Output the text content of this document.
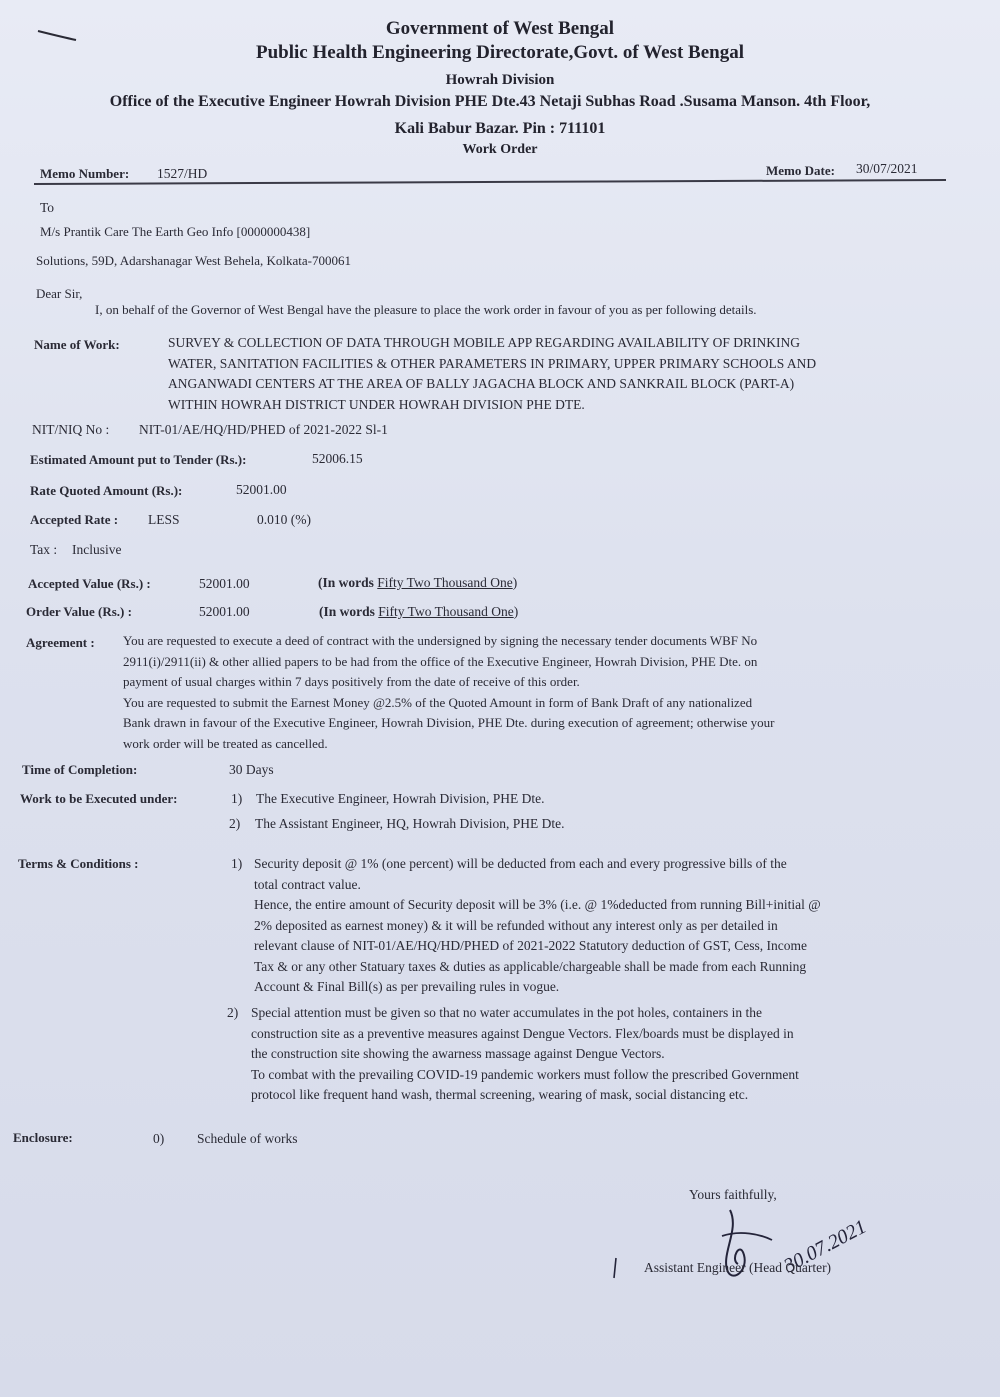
Government of West Bengal
Public Health Engineering Directorate,Govt. of West Bengal
Howrah Division
Office of the Executive Engineer Howrah Division PHE Dte.43 Netaji Subhas Road .Susama Manson. 4th Floor,
Kali Babur Bazar. Pin : 711101
Work Order
Memo Number: 1527/HD	Memo Date: 30/07/2021
To
M/s Prantik Care The Earth Geo Info [0000000438]
Solutions, 59D, Adarshanagar West Behela, Kolkata-700061
Dear Sir,
I, on behalf of the Governor of West Bengal have the pleasure to place the work order in favour of you as per following details.
Name of Work:	SURVEY & COLLECTION OF DATA THROUGH MOBILE APP REGARDING AVAILABILITY OF DRINKING
WATER, SANITATION FACILITIES & OTHER PARAMETERS IN PRIMARY, UPPER PRIMARY SCHOOLS AND
ANGANWADI CENTERS AT THE AREA OF BALLY JAGACHA BLOCK AND SANKRAIL BLOCK (PART-A)
WITHIN HOWRAH DISTRICT UNDER HOWRAH DIVISION PHE DTE.
NIT/NIQ No : NIT-01/AE/HQ/HD/PHED of 2021-2022 Sl-1
Estimated Amount put to Tender (Rs.):	52006.15
Rate Quoted Amount (Rs.):	52001.00
Accepted Rate : LESS	0.010 (%)
Tax : Inclusive
Accepted Value (Rs.) :	52001.00	(In words Fifty Two Thousand One)
Order Value (Rs.) :	52001.00	(In words Fifty Two Thousand One)
Agreement : You are requested to execute a deed of contract with the undersigned by signing the necessary tender documents WBF No
2911(i)/2911(ii) & other allied papers to be had from the office of the Executive Engineer, Howrah Division, PHE Dte. on
payment of usual charges within 7 days positively from the date of receive of this order.
You are requested to submit the Earnest Money @2.5% of the Quoted Amount in form of Bank Draft of any nationalized
Bank drawn in favour of the Executive Engineer, Howrah Division, PHE Dte. during execution of agreement; otherwise your
work order will be treated as cancelled.
Time of Completion:	30 Days
Work to be Executed under:	1) The Executive Engineer, Howrah Division, PHE Dte.
2) The Assistant Engineer, HQ, Howrah Division, PHE Dte.
Terms & Conditions :	1) Security deposit @ 1% (one percent) will be deducted from each and every progressive bills of the
total contract value.
Hence, the entire amount of Security deposit will be 3% (i.e. @ 1%deducted from running Bill+initial @
2% deposited as earnest money) & it will be refunded without any interest only as per detailed in
relevant clause of NIT-01/AE/HQ/HD/PHED of 2021-2022 Statutory deduction of GST, Cess, Income
Tax & or any other Statuary taxes & duties as applicable/chargeable shall be made from each Running
Account & Final Bill(s) as per prevailing rules in vogue.
2) Special attention must be given so that no water accumulates in the pot holes, containers in the
construction site as a preventive measures against Dengue Vectors. Flex/boards must be displayed in
the construction site showing the awarness massage against Dengue Vectors.
To combat with the prevailing COVID-19 pandemic workers must follow the prescribed Government
protocol like frequent hand wash, thermal screening, wearing of mask, social distancing etc.
Enclosure:	0) Schedule of works
Yours faithfully,
30.07.2021
Assistant Engineer (Head Quarter)
